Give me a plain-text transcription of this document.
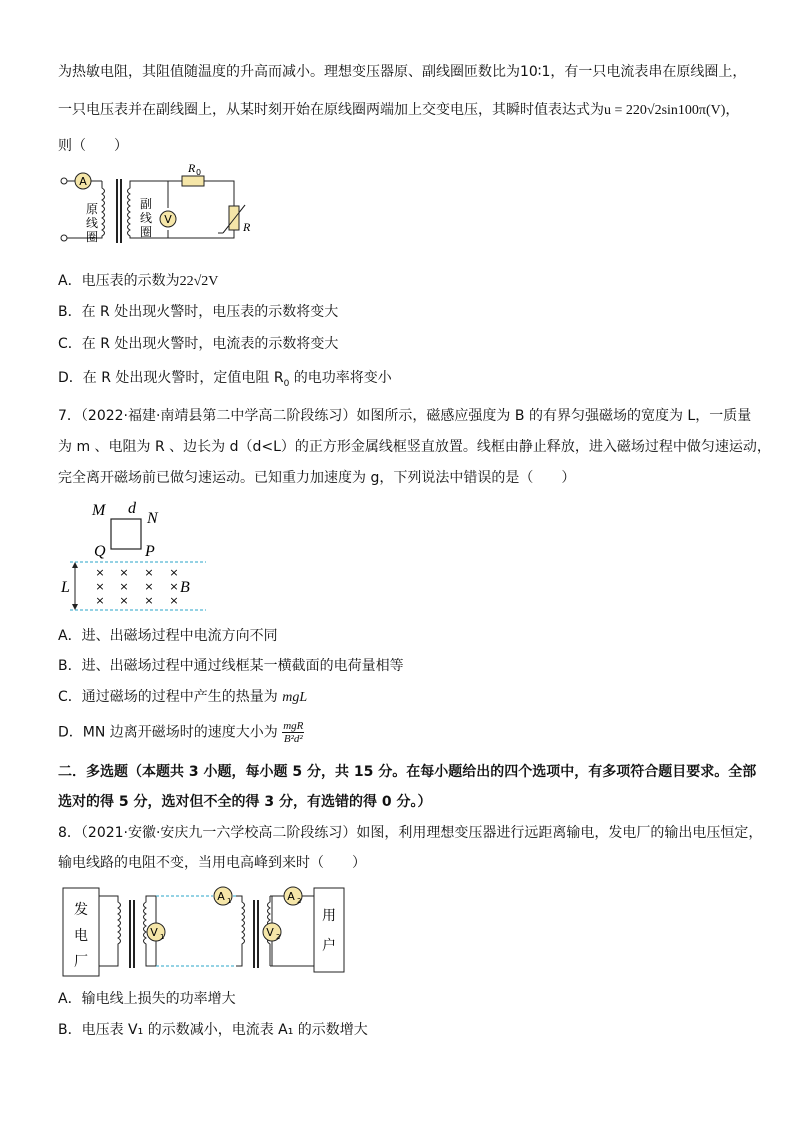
为热敏电阻，其阻值随温度的升高而减小。理想变压器原、副线圈匝数比为10∶1，有一只电流表串在原线圈上，
一只电压表并在副线圈上，从某时刻开始在原线圈两端加上交变电压，其瞬时值表达式为u = 220√2sin100π(V)，
则（　　）
A
V
原
线
圈
副
线
圈
R 0
R
A．电压表的示数为22√2V
B．在 R 处出现火警时，电压表的示数将变大
C．在 R 处出现火警时，电流表的示数将变大
D．在 R 处出现火警时，定值电阻 $R_0$ 的电功率将变小
7．（2022·福建·南靖县第二中学高二阶段练习）如图所示，磁感应强度为 B 的有界匀强磁场的宽度为 L，一质量
为 m 、电阻为 R 、边长为 d（d<L）的正方形金属线框竖直放置。线框由静止释放，进入磁场过程中做匀速运动，
完全离开磁场前已做匀速运动。已知重力加速度为 g，下列说法中错误的是（　　）
M d
N
Q P
L	B
× × × ×
× × × ×
× × × ×
A．进、出磁场过程中电流方向不同
B．进、出磁场过程中通过线框某一横截面的电荷量相等
C．通过磁场的过程中产生的热量为 mgL
D．MN 边离开磁场时的速度大小为 $\frac{\text{mgR}}{\text{B²d²}}$
二．多选题（本题共 3 小题，每小题 5 分，共 15 分。在每小题给出的四个选项中，有多项符合题目要求。全部
选对的得 5 分，选对但不全的得 3 分，有选错的得 0 分。）
8．（2021·安徽·安庆九一六学校高二阶段练习）如图，利用理想变压器进行远距离输电，发电厂的输出电压恒定，
输电线路的电阻不变，当用电高峰到来时（　　）
V 1
A 1
V 2
A 2
发
电
厂
用
户
A．输电线上损失的功率增大
B．电压表 V₁ 的示数减小，电流表 A₁ 的示数增大
